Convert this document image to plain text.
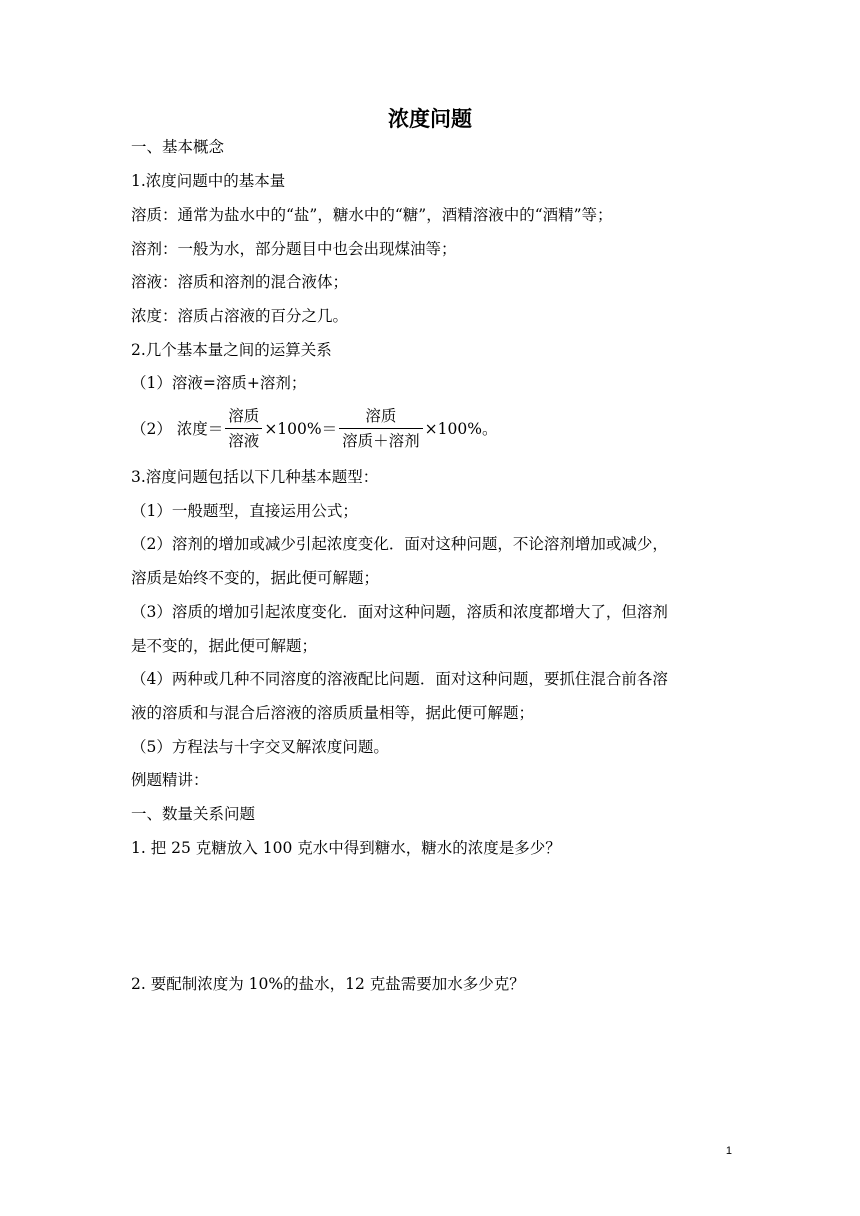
浓度问题
一、基本概念
1.浓度问题中的基本量
溶质：通常为盐水中的“盐”，糖水中的“糖”，酒精溶液中的“酒精”等；
溶剂：一般为水，部分题目中也会出现煤油等；
溶液：溶质和溶剂的混合液体；
浓度：溶质占溶液的百分之几。
2.几个基本量之间的运算关系
（1）溶液=溶质+溶剂；
（2） 浓度＝ $\frac{\text{溶质}}{\text{溶液}} \times 100\%= \frac{\text{溶质}}{\text{溶质＋溶剂}} \times 100\%$。
3.溶度问题包括以下几种基本题型：
（1）一般题型，直接运用公式；
（2）溶剂的增加或减少引起浓度变化．面对这种问题，不论溶剂增加或减少，
溶质是始终不变的，据此便可解题；
（3）溶质的增加引起浓度变化．面对这种问题，溶质和浓度都增大了，但溶剂
是不变的，据此便可解题；
（4）两种或几种不同溶度的溶液配比问题．面对这种问题，要抓住混合前各溶
液的溶质和与混合后溶液的溶质质量相等，据此便可解题；
（5）方程法与十字交叉解浓度问题。
例题精讲：
一、数量关系问题
1. 把 25 克糖放入 100 克水中得到糖水，糖水的浓度是多少？
2. 要配制浓度为 10%的盐水，12 克盐需要加水多少克？
1
